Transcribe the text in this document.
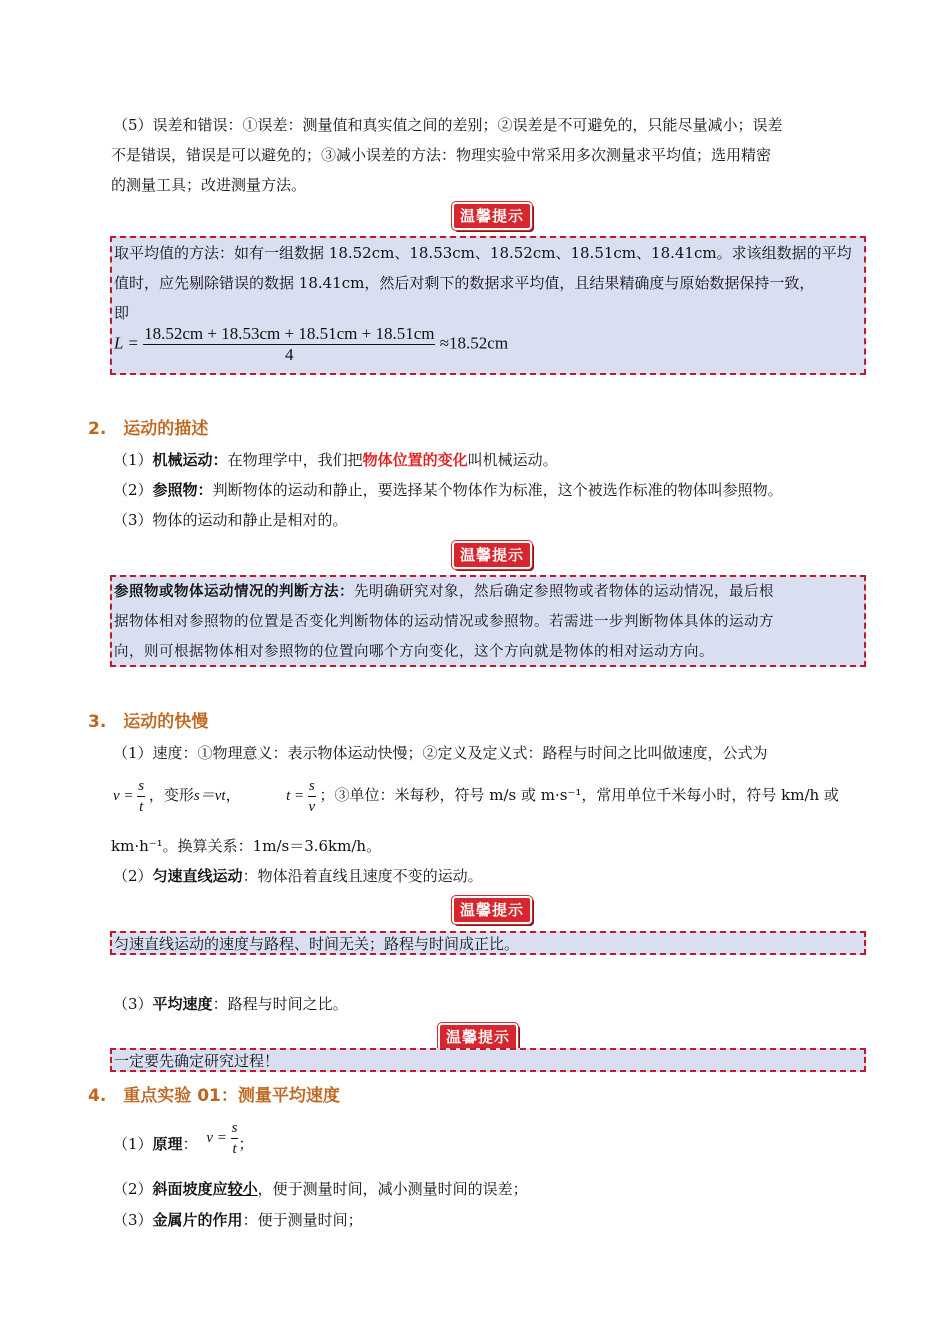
（5）误差和错误：①误差：测量值和真实值之间的差别；②误差是不可避免的，只能尽量减小；误差
不是错误，错误是可以避免的；③减小误差的方法：物理实验中常采用多次测量求平均值；选用精密
的测量工具；改进测量方法。
温馨提示
取平均值的方法：如有一组数据 18.52cm、18.53cm、18.52cm、18.51cm、18.41cm。求该组数据的平均
值时，应先剔除错误的数据 18.41cm，然后对剩下的数据求平均值，且结果精确度与原始数据保持一致，
即
$L = \frac{18.52cm + 18.53cm + 18.51cm + 18.51cm}{4} \approx 18.52cm$
2.　运动的描述
（1）机械运动：在物理学中，我们把物体位置的变化叫机械运动。
（2）参照物：判断物体的运动和静止，要选择某个物体作为标准，这个被选作标准的物体叫参照物。
（3）物体的运动和静止是相对的。
温馨提示
参照物或物体运动情况的判断方法：先明确研究对象，然后确定参照物或者物体的运动情况，最后根
据物体相对参照物的位置是否变化判断物体的运动情况或参照物。若需进一步判断物体具体的运动方
向，则可根据物体相对参照物的位置向哪个方向变化，这个方向就是物体的相对运动方向。
3.　运动的快慢
（1）速度：①物理意义：表示物体运动快慢；②定义及定义式：路程与时间之比叫做速度，公式为
$v = \frac{s}{t}$ ，变形s＝vt，	$t = \frac{s}{v}$ ；③单位：米每秒，符号 m/s 或 m·s⁻¹，常用单位千米每小时，符号 km/h 或
km·h⁻¹。换算关系：1m/s＝3.6km/h。
（2）匀速直线运动：物体沿着直线且速度不变的运动。
温馨提示
匀速直线运动的速度与路程、时间无关；路程与时间成正比。
（3）平均速度：路程与时间之比。
温馨提示
一定要先确定研究过程！
4.　重点实验 01：测量平均速度
（1）原理： $v = \frac{s}{t}$ ；
（2）斜面坡度应较小，便于测量时间，减小测量时间的误差；
（3）金属片的作用：便于测量时间；
